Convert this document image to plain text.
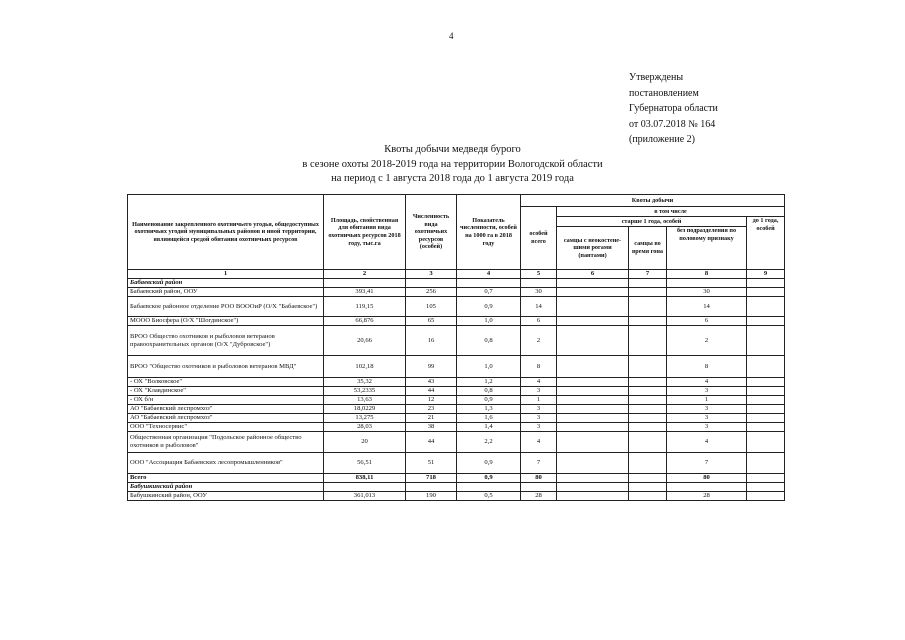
4
Утверждены
постановлением
Губернатора области
от 03.07.2018 № 164
(приложение 2)
Квоты добычи медведя бурого
в сезоне охоты 2018-2019 года на территории Вологодской области
на период с 1 августа 2018 года до 1 августа 2019 года
Наименование закрепленного охотничьего угодья, общедоступных охотничьих угодий муниципальных районов и иной территории, являющейся средой обитания охотничьих ресурсов	Площадь, свойственная для обитания вида охотничьих ресурсов 2018 году, тыс.га	Численность вида охотничьих ресурсов (особей)	Показатель численности, особей на 1000 га в 2018 году	Квоты добычи				
				особей всего	в том числе			
					старше 1 года, особей			до 1 года, особей
					самцы с неокостене-шими рогами (пантами)	самцы во время гона	без подразделения по половому признаку	
1	2	3	4	5	6	7	8	9
Бабаевский район								
Бабаевский район, ООУ	393,41	256	0,7	30			30	
Бабаевское районное отделение РОО ВОООиР (О/Х "Бабаевское")	119,15	105	0,9	14			14	
МООО Биосфера (О/Х "Шогдинское")	66,876	65	1,0	6			6	
ВРОО Общество охотников и рыболовов ветеранов правоохранительных органов (О/Х "Дубровское")	20,66	16	0,8	2			2	
ВРОО "Общество охотников и рыболовов ветеранов МВД"	102,18	99	1,0	8			8	
- ОХ "Волковское"	35,32	43	1,2	4			4	
- ОХ "Клавдинское"	53,2335	44	0,8	3			3	
- ОХ б/н	13,63	12	0,9	1			1	
АО "Бабаевский леспромхоз"	18,0229	23	1,3	3			3	
АО "Бабаевский леспромхоз"	13,275	21	1,6	3			3	
ООО "Техносервис"	28,03	38	1,4	3			3	
Общественная организация "Подольское районное общество охотников и рыболовов"	20	44	2,2	4			4	
ООО "Ассоциация Бабаевских лесопромышленников"	56,51	51	0,9	7			7	
Всего	838,11	718	0,9	80			80	
Бабушкинский район								
Бабушкинский район, ООУ	361,013	190	0,5	28			28	
